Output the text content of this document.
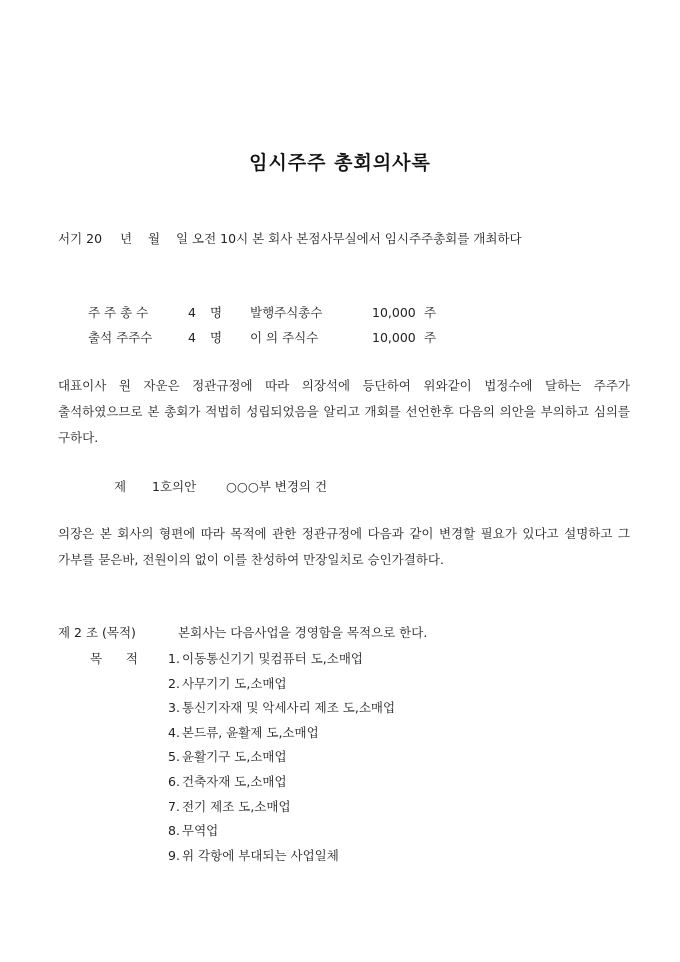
임시주주 총회의사록
서기 20 년 월 일 오전 10시 본 회사 본점사무실에서 임시주주총회를 개최하다
주 주 총 수	4 명 발행주식총수	10,000 주
출석 주주수	4 명 이 의 주식수	10,000 주
대표이사 원 자운은 정관규정에 따라 의장석에 등단하여 위와같이 법정수에 달하는 주주가 출석하였으므로 본 총회가 적법히 성립되었음을 알리고 개회를 선언한후 다음의 의안을 부의하고 심의를 구하다.
제 1호의안 ○○○부 변경의 건
의장은 본 회사의 형편에 따라 목적에 관한 정관규정에 다음과 같이 변경할 필요가 있다고 설명하고 그 가부를 묻은바, 전원이의 없이 이를 찬성하여 만장일치로 승인가결하다.
제 2 조 (목적)	본회사는 다음사업을 경영함을 목적으로 한다.
목      적 1. 이동통신기기 및컴퓨터 도,소매업
2. 사무기기 도,소매업
3. 통신기자재 및 악세사리 제조 도,소매업
4. 본드류, 윤활제 도,소매업
5. 윤활기구 도,소매업
6. 건축자재 도,소매업
7. 전기 제조 도,소매업
8. 무역업
9. 위 각항에 부대되는 사업일체
